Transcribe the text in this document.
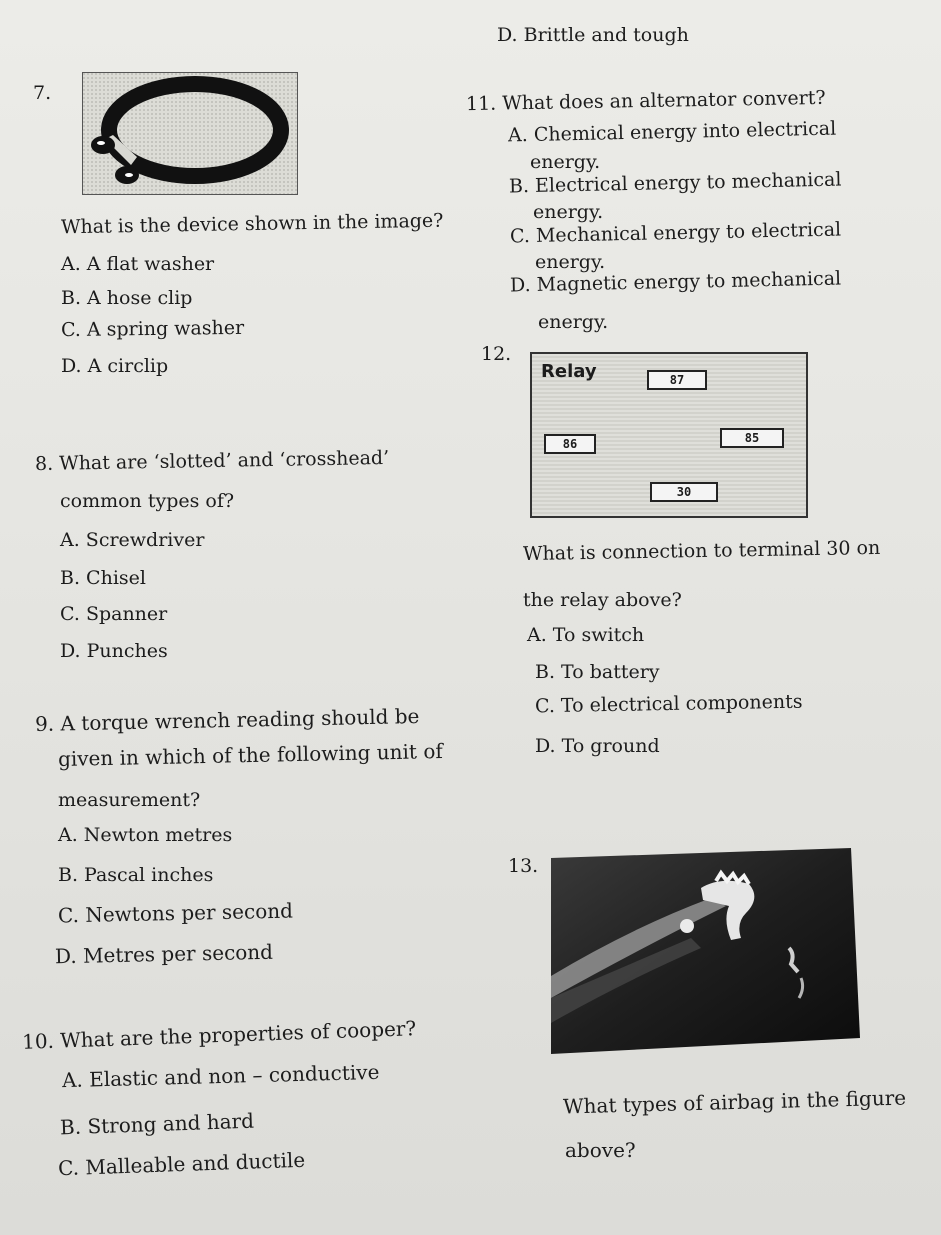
D. Brittle and tough
7.
What is the device shown in the image?
A. A flat washer
B. A hose clip
C. A spring washer
D. A circlip
8. What are ‘slotted’ and ‘crosshead’
common types of?
A. Screwdriver
B. Chisel
C. Spanner
D. Punches
9. A torque wrench reading should be
given in which of the following unit of
measurement?
A. Newton metres
B. Pascal inches
C. Newtons per second
D. Metres per second
10. What are the properties of cooper?
A. Elastic and non – conductive
B. Strong and hard
C. Malleable and ductile
11. What does an alternator convert?
A. Chemical energy into electrical
energy.
B. Electrical energy to mechanical
energy.
C. Mechanical energy to electrical
energy.
D. Magnetic energy to mechanical
energy.
12.
Relay	87
86	85
30
What is connection to terminal 30 on
the relay above?
A. To switch
B. To battery
C. To electrical components
D. To ground
13.
What types of airbag in the figure
above?
